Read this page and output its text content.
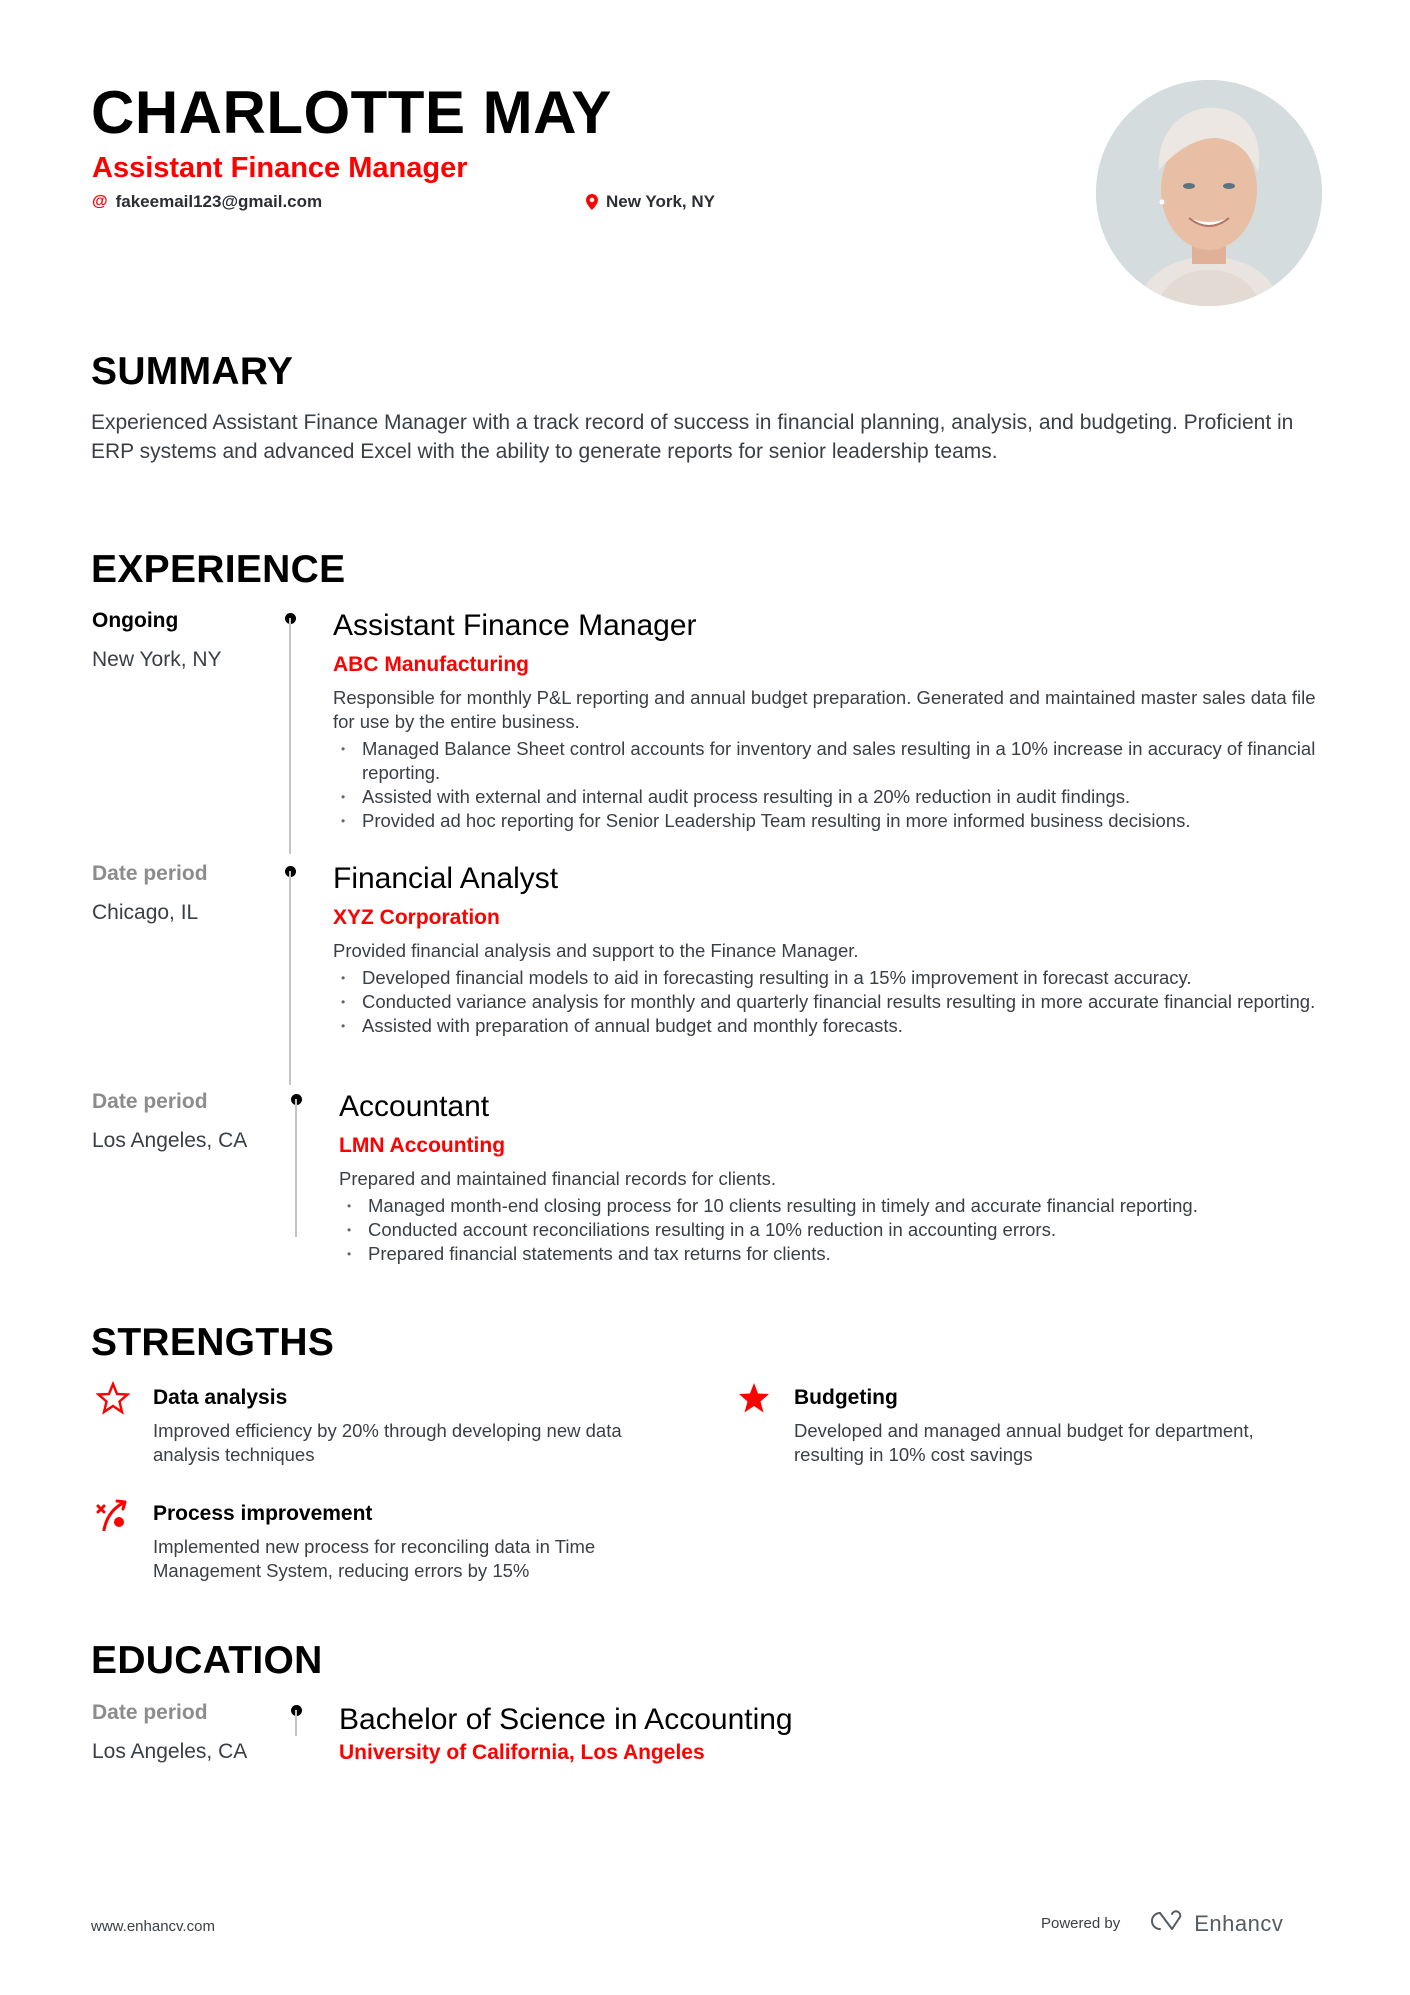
CHARLOTTE MAY
Assistant Finance Manager
@ fakeemail123@gmail.com	New York, NY
SUMMARY
Experienced Assistant Finance Manager with a track record of success in financial planning, analysis, and budgeting. Proficient in ERP systems and advanced Excel with the ability to generate reports for senior leadership teams.
EXPERIENCE
Ongoing
New York, NY
Assistant Finance Manager
ABC Manufacturing
Responsible for monthly P&L reporting and annual budget preparation. Generated and maintained master sales data file for use by the entire business.
• Managed Balance Sheet control accounts for inventory and sales resulting in a 10% increase in accuracy of financial reporting.
• Assisted with external and internal audit process resulting in a 20% reduction in audit findings.
• Provided ad hoc reporting for Senior Leadership Team resulting in more informed business decisions.
Date period
Chicago, IL
Financial Analyst
XYZ Corporation
Provided financial analysis and support to the Finance Manager.
• Developed financial models to aid in forecasting resulting in a 15% improvement in forecast accuracy.
• Conducted variance analysis for monthly and quarterly financial results resulting in more accurate financial reporting.
• Assisted with preparation of annual budget and monthly forecasts.
Date period
Los Angeles, CA
Accountant
LMN Accounting
Prepared and maintained financial records for clients.
• Managed month-end closing process for 10 clients resulting in timely and accurate financial reporting.
• Conducted account reconciliations resulting in a 10% reduction in accounting errors.
• Prepared financial statements and tax returns for clients.
STRENGTHS
Data analysis
Improved efficiency by 20% through developing new data analysis techniques
Budgeting
Developed and managed annual budget for department, resulting in 10% cost savings
Process improvement
Implemented new process for reconciling data in Time Management System, reducing errors by 15%
EDUCATION
Date period
Los Angeles, CA
Bachelor of Science in Accounting
University of California, Los Angeles
www.enhancv.com	Powered by	Enhancv
